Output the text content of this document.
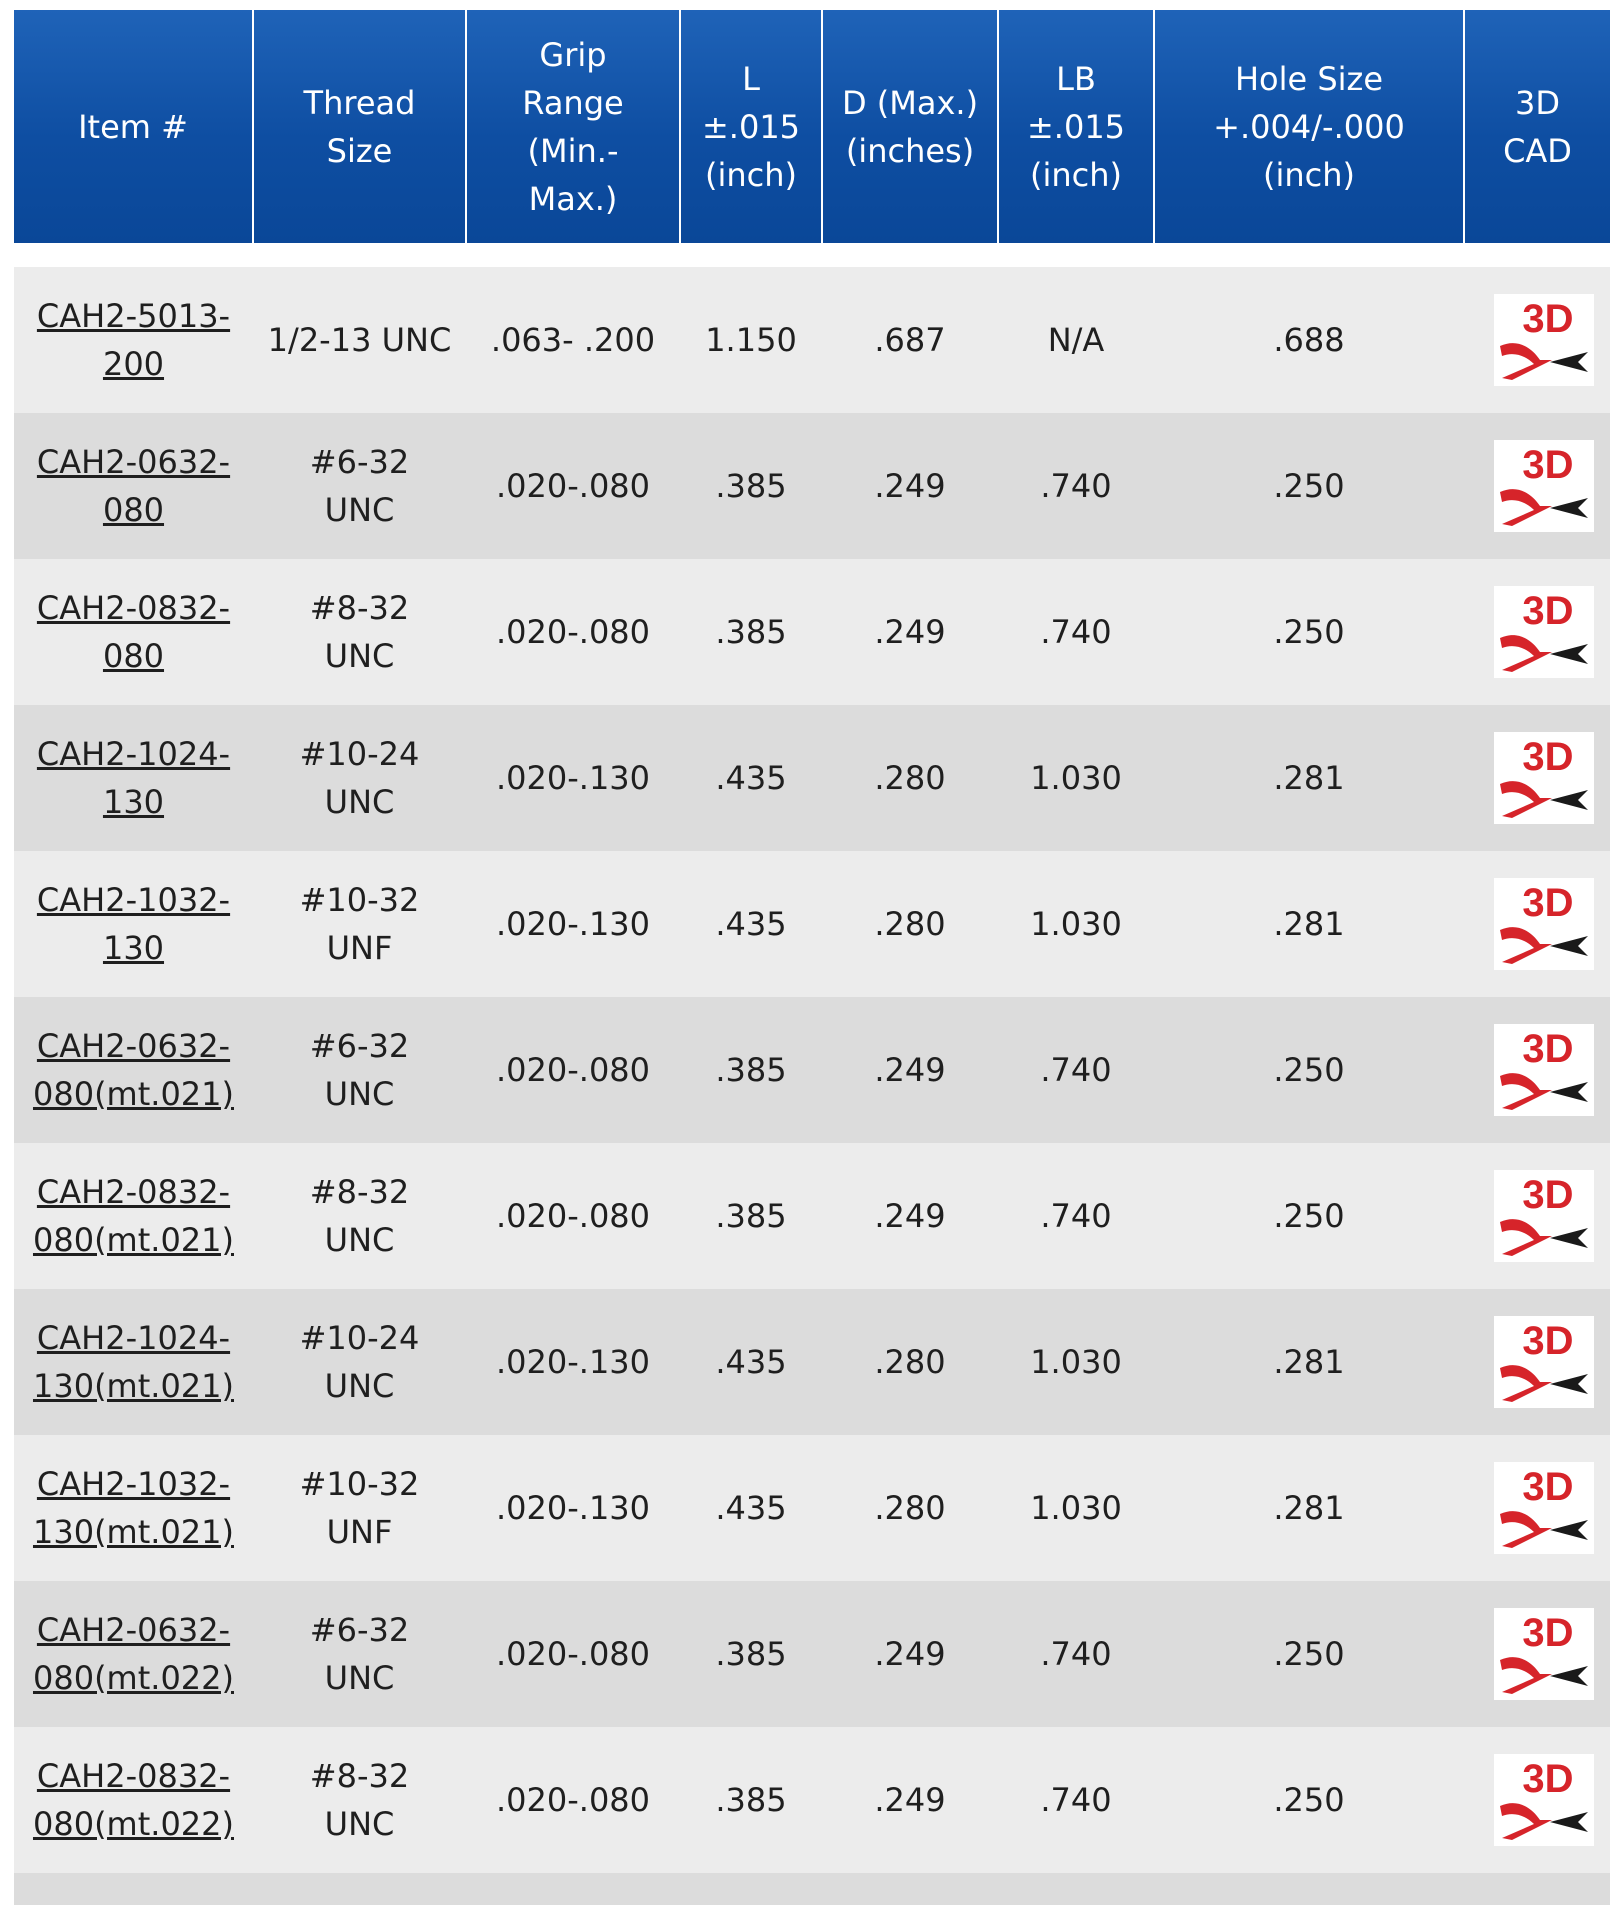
Item #	Thread
Size	Grip
Range
(Min.-
Max.)	L
±.015
(inch)	D (Max.)
(inches)	LB
±.015
(inch)	Hole Size
+.004/-.000
(inch)	3D
CAD

CAH2-5013-
200	1/2-13 UNC	.063- .200	1.150	.687	N/A	.688	3D

CAH2-0632-
080	#6-32
UNC	.020-.080	.385	.249	.740	.250	3D

CAH2-0832-
080	#8-32
UNC	.020-.080	.385	.249	.740	.250	3D

CAH2-1024-
130	#10-24
UNC	.020-.130	.435	.280	1.030	.281	3D

CAH2-1032-
130	#10-32
UNF	.020-.130	.435	.280	1.030	.281	3D

CAH2-0632-
080(mt.021)	#6-32
UNC	.020-.080	.385	.249	.740	.250	3D

CAH2-0832-
080(mt.021)	#8-32
UNC	.020-.080	.385	.249	.740	.250	3D

CAH2-1024-
130(mt.021)	#10-24
UNC	.020-.130	.435	.280	1.030	.281	3D

CAH2-1032-
130(mt.021)	#10-32
UNF	.020-.130	.435	.280	1.030	.281	3D

CAH2-0632-
080(mt.022)	#6-32
UNC	.020-.080	.385	.249	.740	.250	3D

CAH2-0832-
080(mt.022)	#8-32
UNC	.020-.080	.385	.249	.740	.250	3D
